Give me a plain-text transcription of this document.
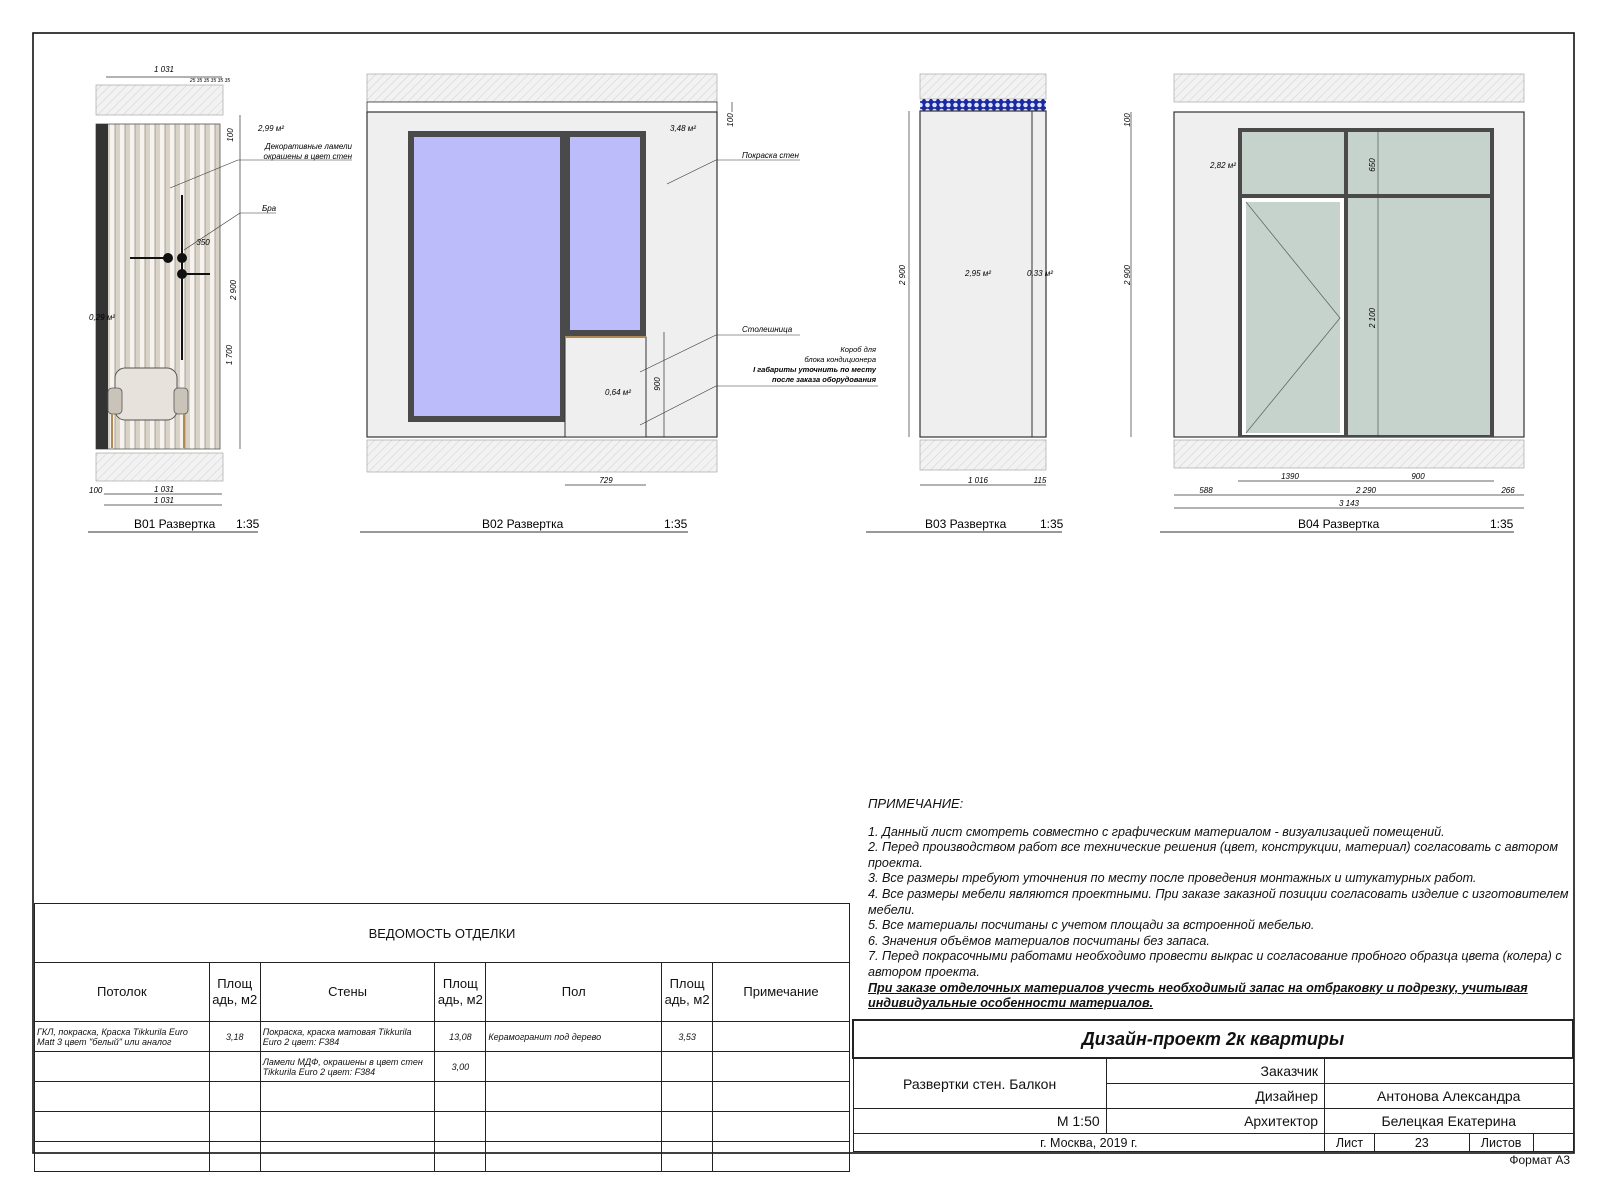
1 031
25 35 35 35 35 35
100
2 900
1 700
350
2,99 м²
0,29 м²
Декоративные ламели
окрашены в цвет стен
Бра
100	1 031
1 031
В01 Развертка 1:35
3,48 м²
0,64 м²
100
900
729
Покраска стен
Столешница
Короб для
блока кондиционера
I габариты уточнить по месту
после заказа оборудования
В02 Развертка	1:35
2 900	2,95 м²	0,33 м²
1 016	115
В03 Развертка	1:35
100
2 900
2,82 м²	650
2 100
1390	900
588	2 290	266
3 143
В04 Развертка	1:35
ПРИМЕЧАНИЕ:

1. Данный лист смотреть совместно с графическим материалом - визуализацией помещений.

2. Перед производством работ все технические решения (цвет, конструкции, материал) согласовать с автором проекта.

3. Все размеры требуют уточнения по месту после проведения монтажных и штукатурных работ.

4. Все размеры мебели являются проектными. При заказе заказной позиции согласовать изделие с изготовителем мебели.

5. Все материалы посчитаны с учетом площади за встроенной мебелью.

6. Значения объёмов материалов посчитаны без запаса.

7. Перед покрасочными работами необходимо провести выкрас и согласование пробного образца цвета (колера) с автором проекта.

При заказе отделочных материалов учесть необходимый запас на отбраковку и подрезку, учитывая индивидуальные особенности материалов.

ВЕДОМОСТЬ ОТДЕЛКИ						
Потолок	Площ адь, м2	Стены	Площ адь, м2	Пол	Площ адь, м2	Примечание
ГКЛ, покраска, Краска Tikkurila Euro Matt 3 цвет "белый" или аналог	3,18	Покраска, краска матовая Tikkurila Euro 2 цвет: F384	13,08	Керамогранит под дерево	3,53	
		Ламели МДФ, окрашены в цвет стен Tikkurila Euro 2 цвет: F384	3,00			

Дизайн-проект 2к квартиры					
Развертки стен. Балкон	Заказчик				
	Дизайнер	Антонова Александра			
М 1:50	Архитектор	Белецкая Екатерина			
г. Москва, 2019 г.		Лист	23	Листов	
Формат А3
